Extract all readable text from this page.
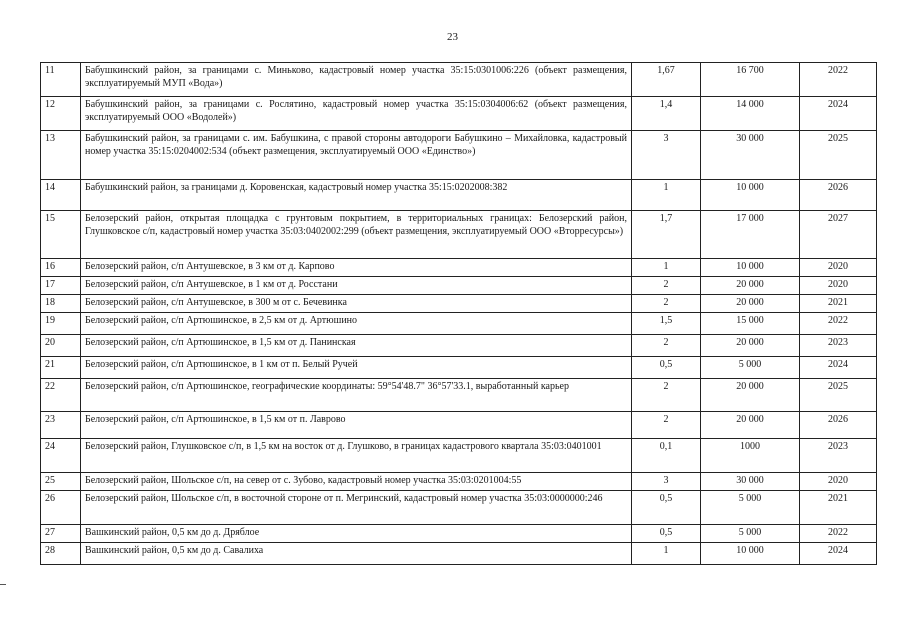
23
11	Бабушкинский район, за границами с. Миньково, кадастровый номер участка 35:15:0301006:226 (объект размещения, эксплуатируемый МУП «Вода»)	1,67	16 700	2022
12	Бабушкинский район, за границами с. Рослятино, кадастровый номер участка 35:15:0304006:62 (объект размещения, эксплуатируемый ООО «Водолей»)	1,4	14 000	2024
13	Бабушкинский район, за границами с. им. Бабушкина, с правой стороны автодороги Бабушкино – Михайловка, кадастровый номер участка 35:15:0204002:534 (объект размещения, эксплуатируемый ООО «Единство»)	3	30 000	2025
14	Бабушкинский район, за границами д. Коровенская, кадастровый номер участка 35:15:0202008:382	1	10 000	2026
15	Белозерский район, открытая площадка с грунтовым покрытием, в территориальных границах: Белозерский район, Глушковское с/п, кадастровый номер участка 35:03:0402002:299 (объект размещения, эксплуатируемый ООО «Вторресурсы»)	1,7	17 000	2027
16	Белозерский район, с/п Антушевское, в 3 км от д. Карпово	1	10 000	2020
17	Белозерский район, с/п Антушевское, в 1 км от д. Росстани	2	20 000	2020
18	Белозерский район, с/п Антушевское, в 300 м от с. Бечевинка	2	20 000	2021
19	Белозерский район, с/п Артюшинское, в 2,5 км от д. Артюшино	1,5	15 000	2022
20	Белозерский район, с/п Артюшинское, в 1,5 км от д. Панинская	2	20 000	2023
21	Белозерский район, с/п Артюшинское, в 1 км от п. Белый Ручей	0,5	5 000	2024
22	Белозерский район, с/п Артюшинское, географические координаты: 59°54'48.7" 36°57'33.1, выработанный карьер	2	20 000	2025
23	Белозерский район, с/п Артюшинское, в 1,5 км от п. Лаврово	2	20 000	2026
24	Белозерский район, Глушковское с/п, в 1,5 км на восток от д. Глушково, в границах кадастрового квартала 35:03:0401001	0,1	1000	2023
25	Белозерский район, Шольское с/п, на север от с. Зубово, кадастровый номер участка 35:03:0201004:55	3	30 000	2020
26	Белозерский район, Шольское с/п, в восточной стороне от п. Мегринский, кадастровый номер участка 35:03:0000000:246	0,5	5 000	2021
27	Вашкинский район, 0,5 км до д. Дряблое	0,5	5 000	2022
28	Вашкинский район, 0,5 км до д. Савалиха	1	10 000	2024
